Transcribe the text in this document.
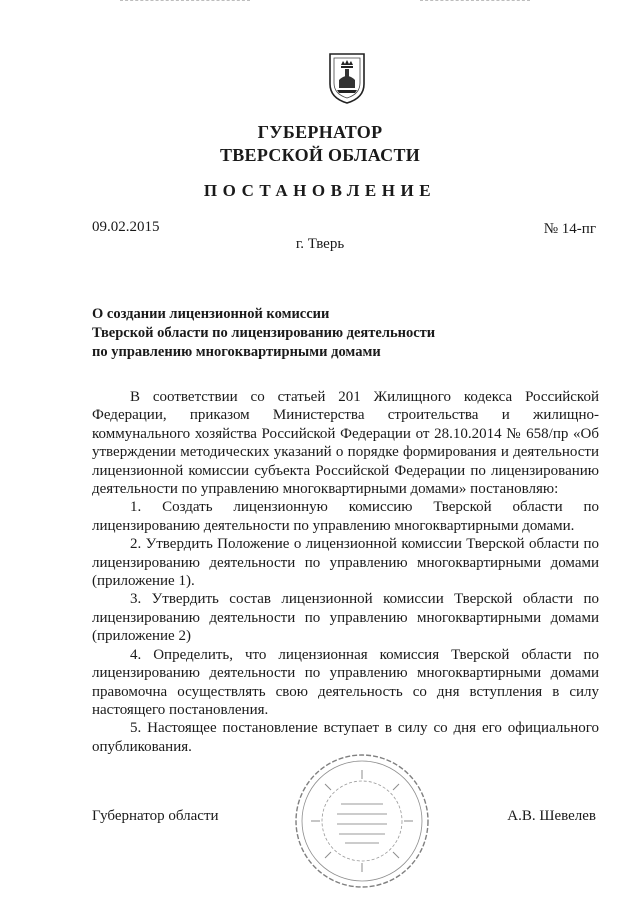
ГУБЕРНАТОР
ТВЕРСКОЙ ОБЛАСТИ
ПОСТАНОВЛЕНИЕ
09.02.2015	№ 14-пг
г. Тверь
О создании лицензионной комиссии
Тверской области по лицензированию деятельности
по управлению многоквартирными домами

В соответствии со статьей 201 Жилищного кодекса Российской Федерации, приказом Министерства строительства и жилищно-коммунального хозяйства Российской Федерации от 28.10.2014 № 658/пр «Об утверждении методических указаний о порядке формирования и деятельности лицензионной комиссии субъекта Российской Федерации по лицензированию деятельности по управлению многоквартирными домами» постановляю:

1. Создать лицензионную комиссию Тверской области по лицензированию деятельности по управлению многоквартирными домами.

2. Утвердить Положение о лицензионной комиссии Тверской области по лицензированию деятельности по управлению многоквартирными домами (приложение 1).

3. Утвердить состав лицензионной комиссии Тверской области по лицензированию деятельности по управлению многоквартирными домами (приложение 2)

4. Определить, что лицензионная комиссия Тверской области по лицензированию деятельности по управлению многоквартирными домами правомочна осуществлять свою деятельность со дня вступления в силу настоящего постановления.

5. Настоящее постановление вступает в силу со дня его официального опубликования.

Губернатор области	А.В. Шевелев
